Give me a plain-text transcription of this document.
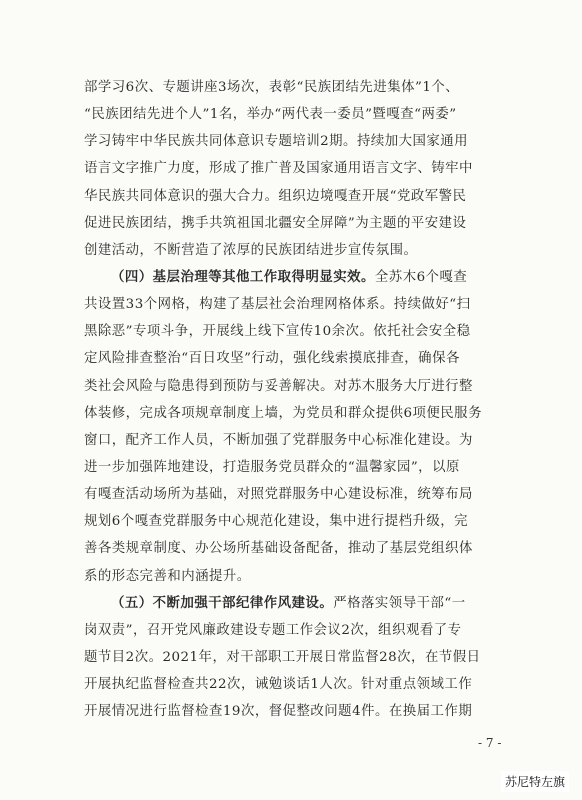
部学习6次、专题讲座3场次，表彰“民族团结先进集体”1个、
“民族团结先进个人”1名，举办“两代表一委员”暨嘎查“两委”
学习铸牢中华民族共同体意识专题培训2期。持续加大国家通用
语言文字推广力度，形成了推广普及国家通用语言文字、铸牢中
华民族共同体意识的强大合力。组织边境嘎查开展“党政军警民
促进民族团结，携手共筑祖国北疆安全屏障”为主题的平安建设
创建活动，不断营造了浓厚的民族团结进步宣传氛围。
（四）基层治理等其他工作取得明显实效。全苏木6个嘎查
共设置33个网格，构建了基层社会治理网格体系。持续做好“扫
黑除恶”专项斗争，开展线上线下宣传10余次。依托社会安全稳
定风险排查整治“百日攻坚”行动，强化线索摸底排查，确保各
类社会风险与隐患得到预防与妥善解决。对苏木服务大厅进行整
体装修，完成各项规章制度上墙，为党员和群众提供6项便民服务
窗口，配齐工作人员，不断加强了党群服务中心标准化建设。为
进一步加强阵地建设，打造服务党员群众的“温馨家园”，以原
有嘎查活动场所为基础，对照党群服务中心建设标准，统筹布局
规划6个嘎查党群服务中心规范化建设，集中进行提档升级，完
善各类规章制度、办公场所基础设备配备，推动了基层党组织体
系的形态完善和内涵提升。
（五）不断加强干部纪律作风建设。严格落实领导干部“一
岗双责”，召开党风廉政建设专题工作会议2次，组织观看了专
题节目2次。2021年，对干部职工开展日常监督28次，在节假日
开展执纪监督检查共22次，诫勉谈话1人次。针对重点领域工作
开展情况进行监督检查19次，督促整改问题4件。在换届工作期
- 7 -
苏尼特左旗
